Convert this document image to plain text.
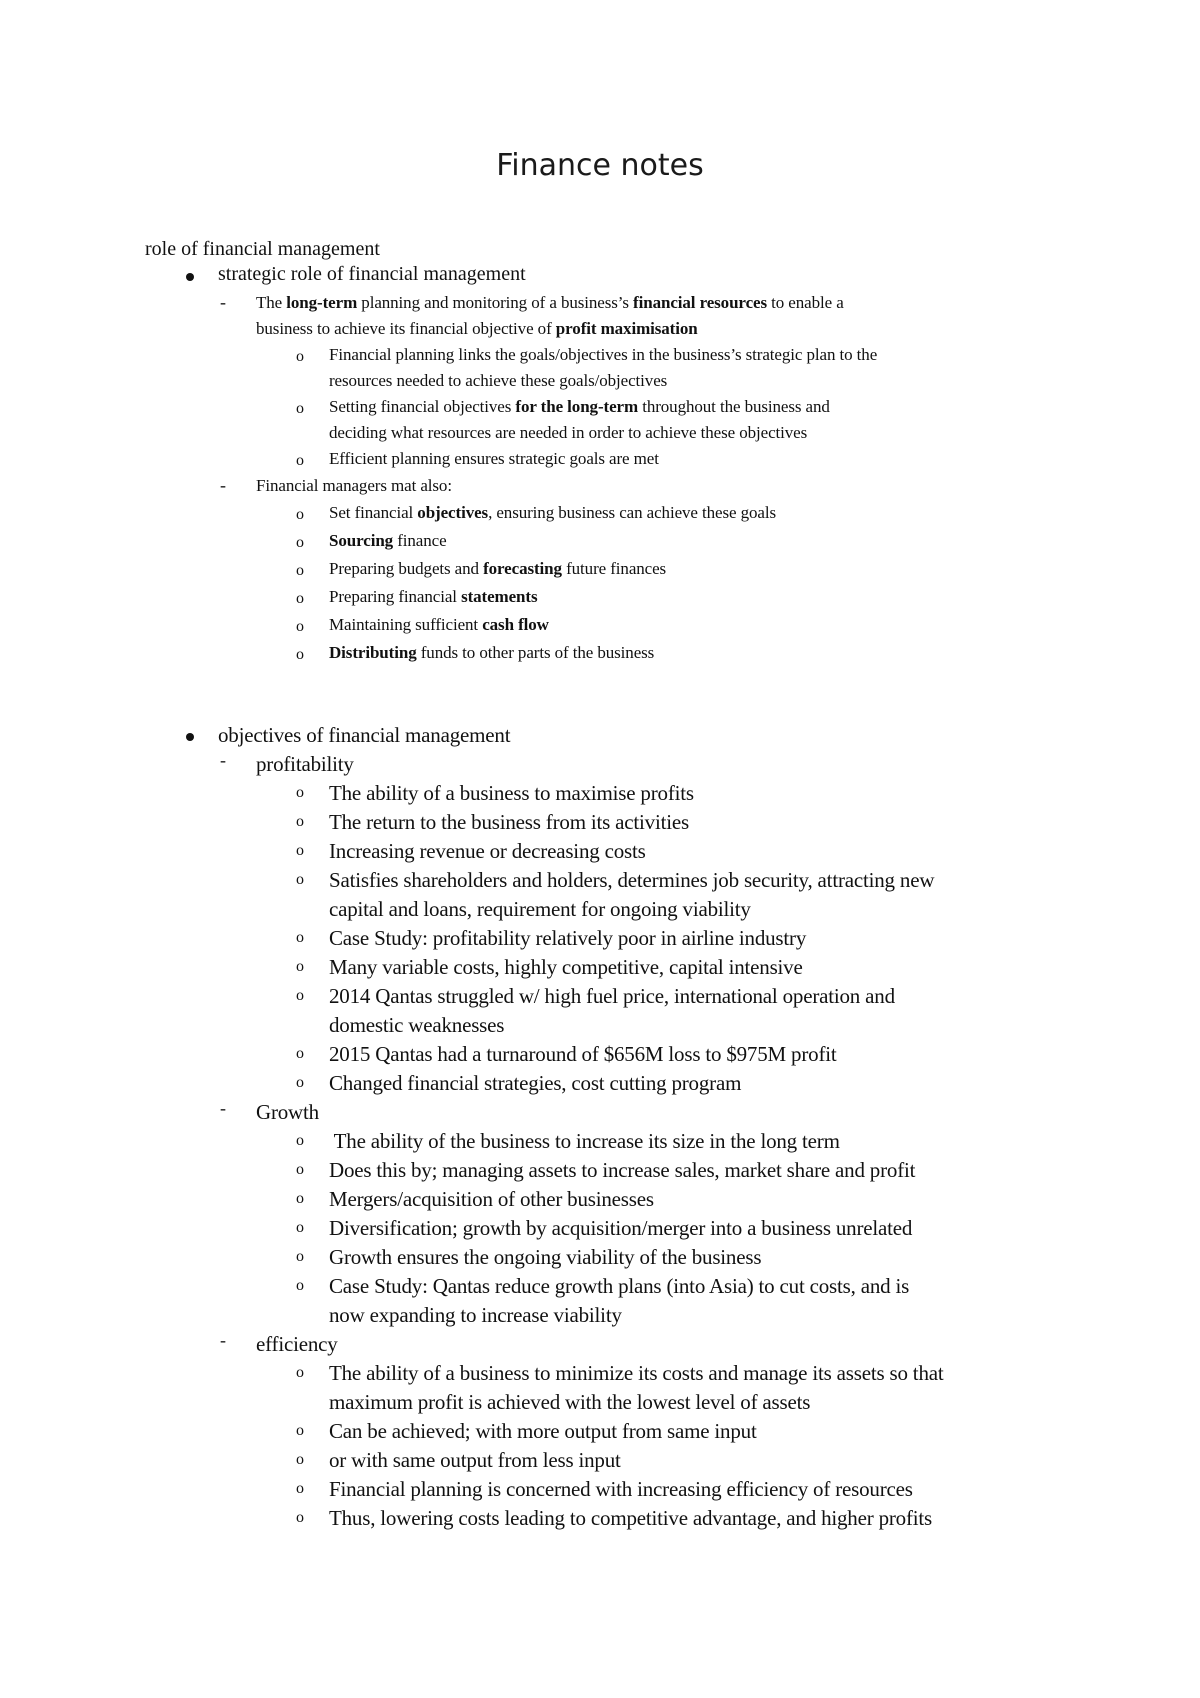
Finance notes
role of financial management
strategic role of financial management
- The long-term planning and monitoring of a business’s financial resources to enable a
business to achieve its financial objective of profit maximisation
o Financial planning links the goals/objectives in the business’s strategic plan to the
resources needed to achieve these goals/objectives
o Setting financial objectives for the long-term throughout the business and
deciding what resources are needed in order to achieve these objectives
o Efficient planning ensures strategic goals are met
- Financial managers mat also:
o Set financial objectives, ensuring business can achieve these goals
o Sourcing finance
o Preparing budgets and forecasting future finances
o Preparing financial statements
o Maintaining sufficient cash flow
o Distributing funds to other parts of the business
objectives of financial management
- profitability
o The ability of a business to maximise profits
o The return to the business from its activities
o Increasing revenue or decreasing costs
o Satisfies shareholders and holders, determines job security, attracting new
capital and loans, requirement for ongoing viability
o Case Study: profitability relatively poor in airline industry
o Many variable costs, highly competitive, capital intensive
o 2014 Qantas struggled w/ high fuel price, international operation and
domestic weaknesses
o 2015 Qantas had a turnaround of $656M loss to $975M profit
o Changed financial strategies, cost cutting program
- Growth
o The ability of the business to increase its size in the long term
o Does this by; managing assets to increase sales, market share and profit
o Mergers/acquisition of other businesses
o Diversification; growth by acquisition/merger into a business unrelated
o Growth ensures the ongoing viability of the business
o Case Study: Qantas reduce growth plans (into Asia) to cut costs, and is
now expanding to increase viability
- efficiency
o The ability of a business to minimize its costs and manage its assets so that
maximum profit is achieved with the lowest level of assets
o Can be achieved; with more output from same input
o or with same output from less input
o Financial planning is concerned with increasing efficiency of resources
o Thus, lowering costs leading to competitive advantage, and higher profits
